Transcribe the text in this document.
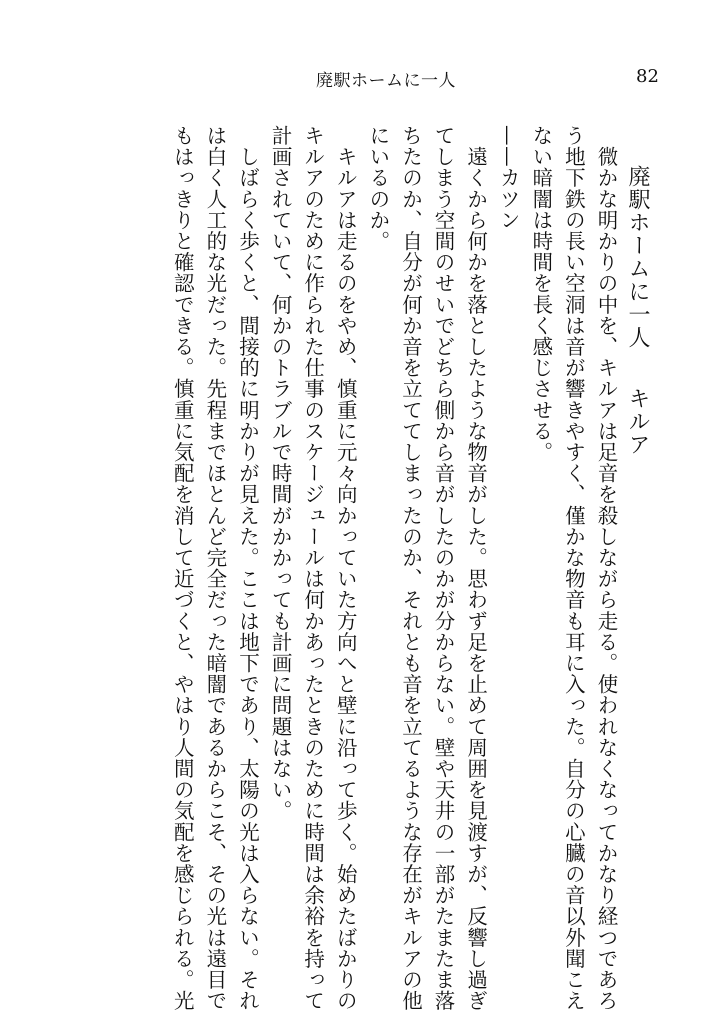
廃駅ホームに一人	82
廃駅ホームに一人キルア
　微かな明かりの中を、キルアは足音を殺しながら走る。使われなくなってかなり経つであろ
う地下鉄の長い空洞は音が響きやすく、僅かな物音も耳に入った。自分の心臓の音以外聞こえ
ない暗闇は時間を長く感じさせる。
——カツン
　遠くから何かを落としたような物音がした。思わず足を止めて周囲を見渡すが、反響し過ぎ
てしまう空間のせいでどちら側から音がしたのかが分からない。壁や天井の一部がたまたま落
ちたのか、自分が何か音を立ててしまったのか、それとも音を立てるような存在がキルアの他
にいるのか。
　キルアは走るのをやめ、慎重に元々向かっていた方向へと壁に沿って歩く。始めたばかりの
キルアのために作られた仕事のスケージュールは何かあったときのために時間は余裕を持って
計画されていて、何かのトラブルで時間がかかっても計画に問題はない。
　しばらく歩くと、間接的に明かりが見えた。ここは地下であり、太陽の光は入らない。それ
は白く人工的な光だった。先程までほとんど完全だった暗闇であるからこそ、その光は遠目で
もはっきりと確認できる。慎重に気配を消して近づくと、やはり人間の気配を感じられる。光
